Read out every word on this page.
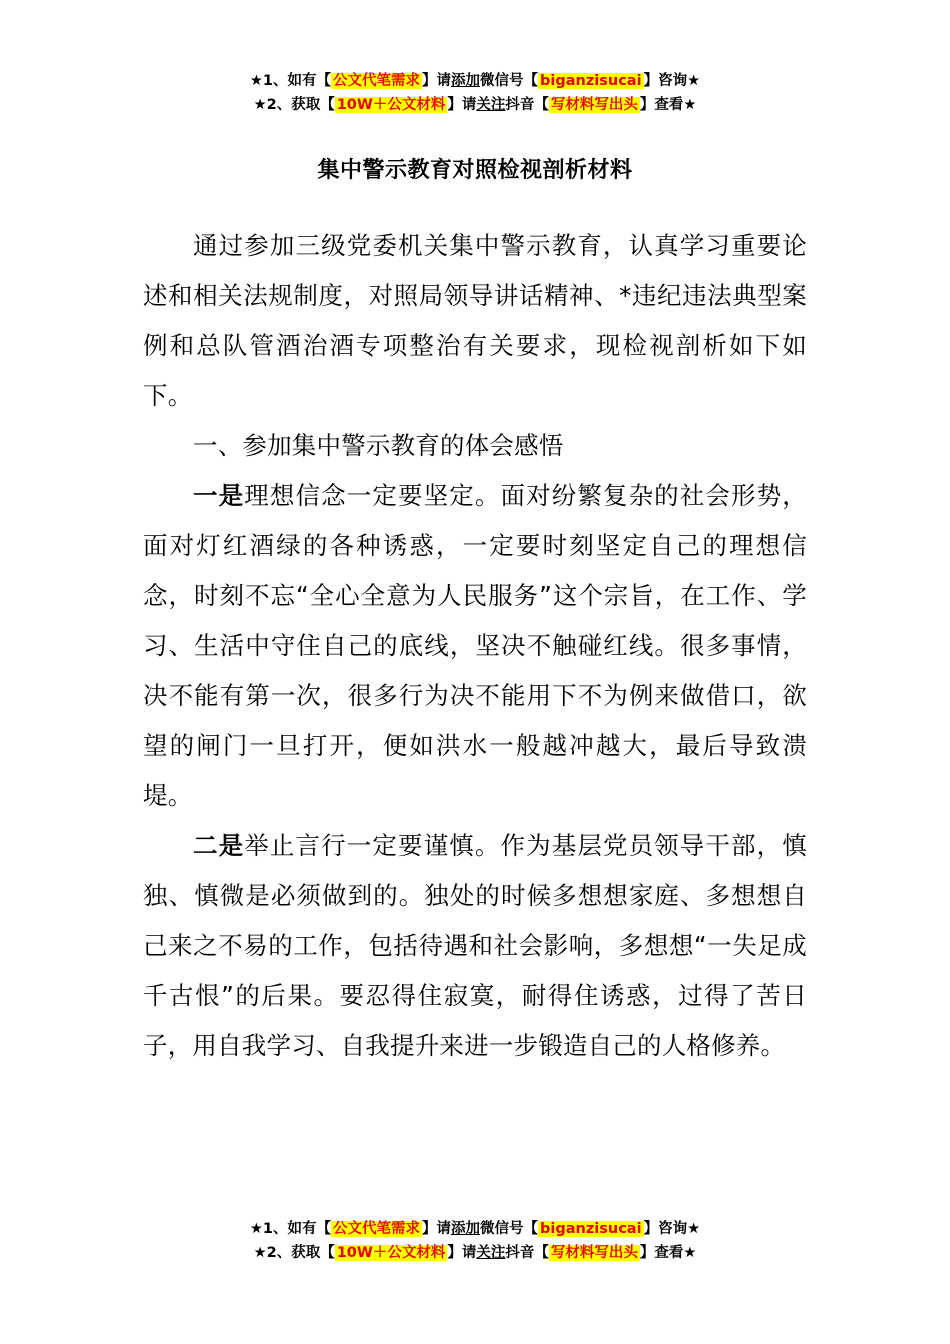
★1、如有【 公文代笔需求 】请添加微信号【 biganzisucai 】咨询★
★2、获取【 10W＋公文材料 】请关注抖音【 写材料写出头 】查看★
集中警示教育对照检视剖析材料

通过参加三级党委机关集中警示教育，认真学习重要论述和相关法规制度，对照局领导讲话精神、*违纪违法典型案例和总队管酒治酒专项整治有关要求，现检视剖析如下如下。

一、参加集中警示教育的体会感悟

一是理想信念一定要坚定。面对纷繁复杂的社会形势，面对灯红酒绿的各种诱惑，一定要时刻坚定自己的理想信念，时刻不忘“全心全意为人民服务”这个宗旨，在工作、学习、生活中守住自己的底线，坚决不触碰红线。很多事情，决不能有第一次，很多行为决不能用下不为例来做借口，欲望的闸门一旦打开，便如洪水一般越冲越大，最后导致溃堤。

二是举止言行一定要谨慎。作为基层党员领导干部，慎独、慎微是必须做到的。独处的时候多想想家庭、多想想自己来之不易的工作，包括待遇和社会影响，多想想“一失足成千古恨”的后果。要忍得住寂寞，耐得住诱惑，过得了苦日子，用自我学习、自我提升来进一步锻造自己的人格修养。

★1、如有【 公文代笔需求 】请添加微信号【 biganzisucai 】咨询★
★2、获取【 10W＋公文材料 】请关注抖音【 写材料写出头 】查看★
